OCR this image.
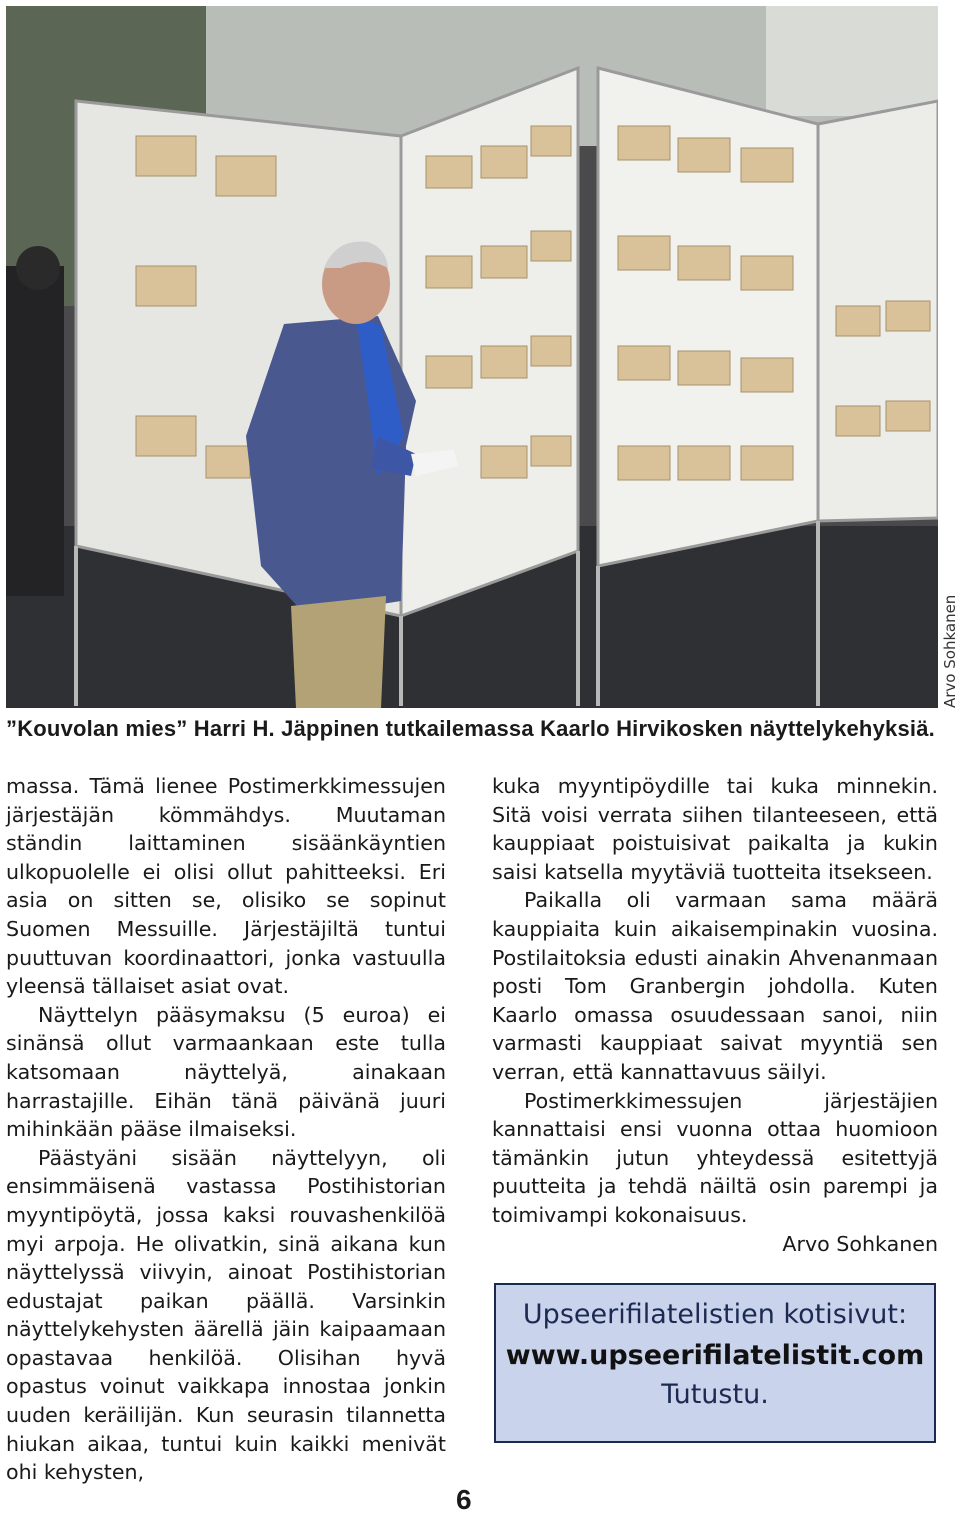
Arvo Sohkanen
”Kouvolan mies” Harri H. Jäppinen tutkailemassa Kaarlo Hirvikosken näyttelykehyksiä.

massa. Tämä lienee Postimerkkimessujen järjestäjän kömmähdys. Muutaman ständin laittaminen sisäänkäyntien ulkopuolelle ei olisi ollut pahitteeksi. Eri asia on sitten se, olisiko se sopinut Suomen Messuille. Järjestäjiltä tuntui puuttuvan koordinaattori, jonka vastuulla yleensä tällaiset asiat ovat.

Näyttelyn pääsymaksu (5 euroa) ei sinänsä ollut varmaankaan este tulla katsomaan näyttelyä, ainakaan harrastajille. Eihän tänä päivänä juuri mihinkään pääse ilmaiseksi.

Päästyäni sisään näyttelyyn, oli ensimmäisenä vastassa Postihistorian myyntipöytä, jossa kaksi rouvashenkilöä myi arpoja. He olivatkin, sinä aikana kun näyttelyssä viivyin, ainoat Postihistorian edustajat paikan päällä. Varsinkin näyttelykehysten äärellä jäin kaipaamaan opastavaa henkilöä. Olisihan hyvä opastus voinut vaikkapa innostaa jonkin uuden keräilijän. Kun seurasin tilannetta hiukan aikaa, tuntui kuin kaikki menivät ohi kehysten,

kuka myyntipöydille tai kuka minnekin. Sitä voisi verrata siihen tilanteeseen, että kauppiaat poistuisivat paikalta ja kukin saisi katsella myytäviä tuotteita itsekseen.

Paikalla oli varmaan sama määrä kauppiaita kuin aikaisempinakin vuosina. Postilaitoksia edusti ainakin Ahvenanmaan posti Tom Granbergin johdolla. Kuten Kaarlo omassa osuudessaan sanoi, niin varmasti kauppiaat saivat myyntiä sen verran, että kannattavuus säilyi.

Postimerkkimessujen järjestäjien kannattaisi ensi vuonna ottaa huomioon tämänkin jutun yhteydessä esitettyjä puutteita ja tehdä näiltä osin parempi ja toimivampi kokonaisuus.

Arvo Sohkanen

Upseerifilatelistien kotisivut:
www.upseerifilatelistit.com
Tutustu.
6
